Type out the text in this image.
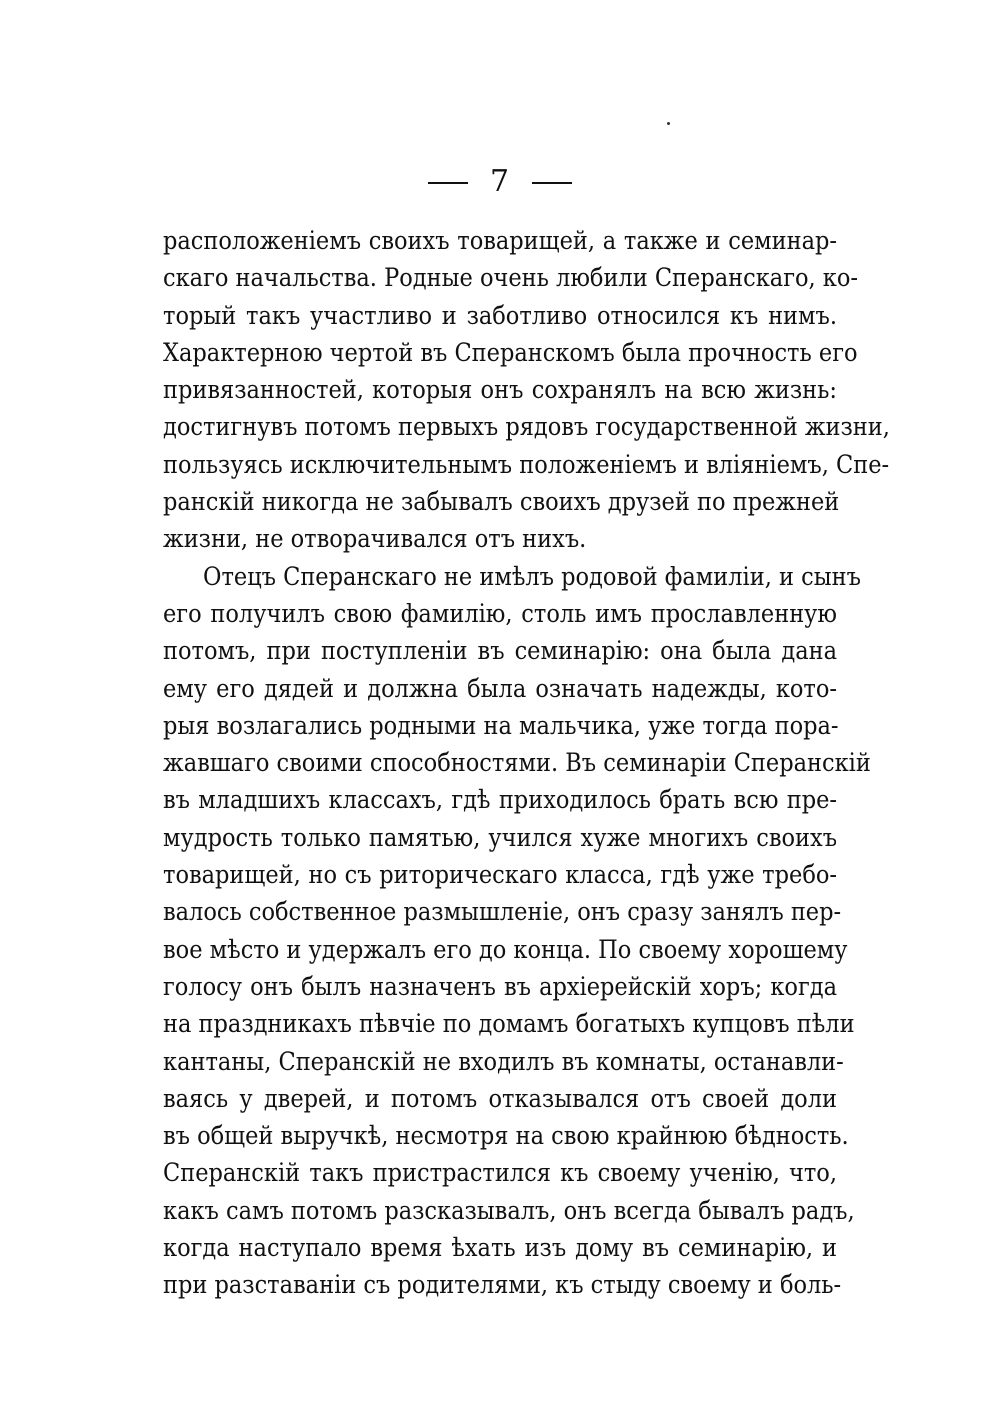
7
расположенiемъ своихъ товарищей, а также и семинар-
скаго начальства. Родные очень любили Сперанскаго, ко-
торый такъ участливо и заботливо относился къ нимъ.
Характерною чертой въ Сперанскомъ была прочность его
привязанностей, которыя онъ сохранялъ на всю жизнь:
достигнувъ потомъ первыхъ рядовъ государственной жизни,
пользуясь исключительнымъ положенiемъ и влiянiемъ, Спе-
ранскiй никогда не забывалъ своихъ друзей по прежней
жизни, не отворачивался отъ нихъ.
Отецъ Сперанскаго не имѣлъ родовой фамилiи, и сынъ
его получилъ свою фамилiю, столь имъ прославленную
потомъ, при поступленiи въ семинарiю: она была дана
ему его дядей и должна была означать надежды, кото-
рыя возлагались родными на мальчика, уже тогда пора-
жавшаго своими способностями. Въ семинарiи Сперанскiй
въ младшихъ классахъ, гдѣ приходилось брать всю пре-
мудрость только памятью, учился хуже многихъ своихъ
товарищей, но съ риторическаго класса, гдѣ уже требо-
валось собственное размышленiе, онъ сразу занялъ пер-
вое мѣсто и удержалъ его до конца. По своему хорошему
голосу онъ былъ назначенъ въ архiерейскiй хоръ; когда
на праздникахъ пѣвчiе по домамъ богатыхъ купцовъ пѣли
кантаны, Сперанскiй не входилъ въ комнаты, останавли-
ваясь у дверей, и потомъ отказывался отъ своей доли
въ общей выручкѣ, несмотря на свою крайнюю бѣдность.
Сперанскiй такъ пристрастился къ своему ученiю, что,
какъ самъ потомъ разсказывалъ, онъ всегда бывалъ радъ,
когда наступало время ѣхать изъ дому въ семинарiю, и
при разставанiи съ родителями, къ стыду своему и боль-
